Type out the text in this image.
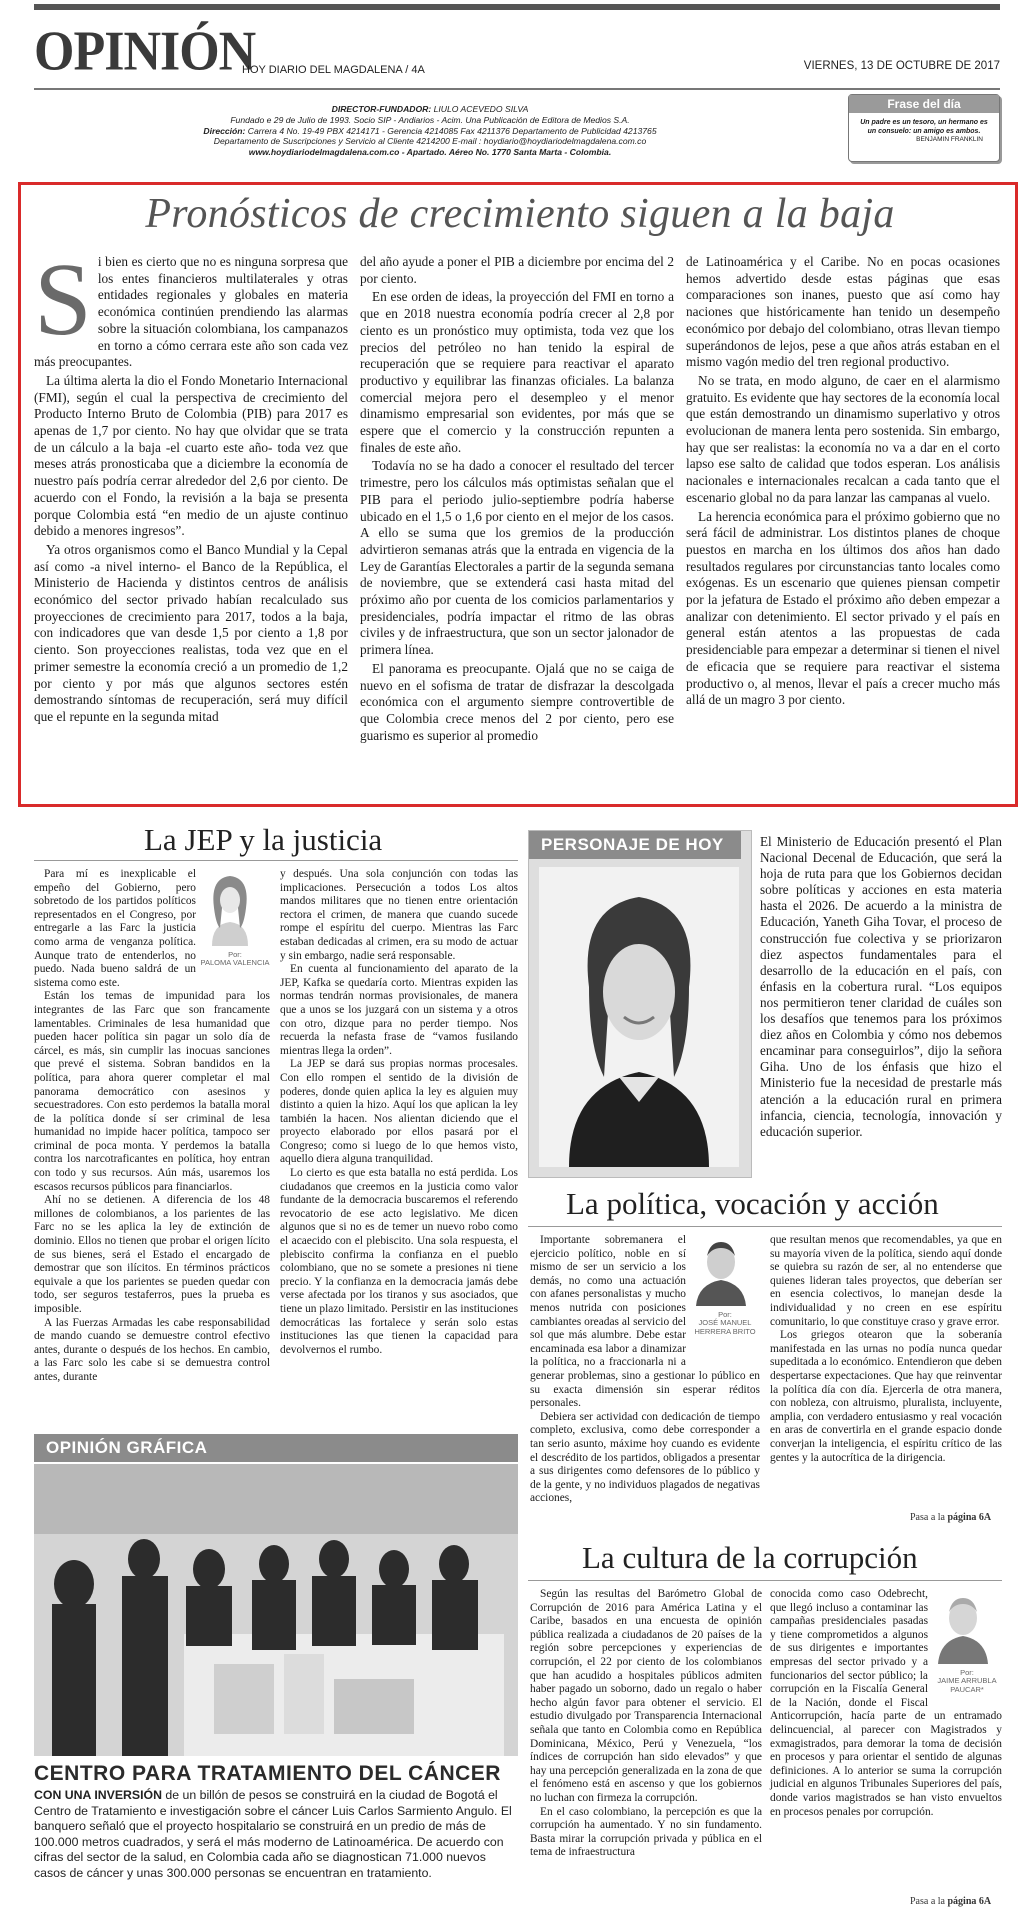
OPINIÓN
HOY DIARIO DEL MAGDALENA / 4A	VIERNES, 13 DE OCTUBRE DE 2017
DIRECTOR-FUNDADOR: LIULO ACEVEDO SILVA
Fundado e 29 de Julio de 1993. Socio SIP - Andiarios - Acim. Una Publicación de Editora de Medios S.A.
Dirección: Carrera 4 No. 19-49 PBX 4214171 - Gerencia 4214085 Fax 4211376 Departamento de Publicidad 4213765
Departamento de Suscripciones y Servicio al Cliente 4214200 E-mail : hoydiario@hoydiariodelmagdalena.com.co
www.hoydiariodelmagdalena.com.co - Apartado. Aéreo No. 1770 Santa Marta - Colombia.
Frase del día
Un padre es un tesoro, un hermano es un consuelo: un amigo es ambos.
BENJAMIN FRANKLIN
Pronósticos de crecimiento siguen a la baja
S i bien es cierto que no es ninguna sorpresa que los entes financieros multilaterales y otras entidades regionales y globales en materia económica continúen prendiendo las alarmas sobre la situación colombiana, los campanazos en torno a cómo cerrara este año son cada vez más preocupantes.

La última alerta la dio el Fondo Monetario Internacional (FMI), según el cual la perspectiva de crecimiento del Producto Interno Bruto de Colombia (PIB) para 2017 es apenas de 1,7 por ciento. No hay que olvidar que se trata de un cálculo a la baja -el cuarto este año- toda vez que meses atrás pronosticaba que a diciembre la economía de nuestro país podría cerrar alrededor del 2,6 por ciento. De acuerdo con el Fondo, la revisión a la baja se presenta porque Colombia está “en medio de un ajuste continuo debido a menores ingresos”.

Ya otros organismos como el Banco Mundial y la Cepal así como -a nivel interno- el Banco de la República, el Ministerio de Hacienda y distintos centros de análisis económico del sector privado habían recalculado sus proyecciones de crecimiento para 2017, todos a la baja, con indicadores que van desde 1,5 por ciento a 1,8 por ciento. Son proyecciones realistas, toda vez que en el primer semestre la economía creció a un promedio de 1,2 por ciento y por más que algunos sectores estén demostrando síntomas de recuperación, será muy difícil que el repunte en la segunda mitad

del año ayude a poner el PIB a diciembre por encima del 2 por ciento.

En ese orden de ideas, la proyección del FMI en torno a que en 2018 nuestra economía podría crecer al 2,8 por ciento es un pronóstico muy optimista, toda vez que los precios del petróleo no han tenido la espiral de recuperación que se requiere para reactivar el aparato productivo y equilibrar las finanzas oficiales. La balanza comercial mejora pero el desempleo y el menor dinamismo empresarial son evidentes, por más que se espere que el comercio y la construcción repunten a finales de este año.

Todavía no se ha dado a conocer el resultado del tercer trimestre, pero los cálculos más optimistas señalan que el PIB para el periodo julio-septiembre podría haberse ubicado en el 1,5 o 1,6 por ciento en el mejor de los casos. A ello se suma que los gremios de la producción advirtieron semanas atrás que la entrada en vigencia de la Ley de Garantías Electorales a partir de la segunda semana de noviembre, que se extenderá casi hasta mitad del próximo año por cuenta de los comicios parlamentarios y presidenciales, podría impactar el ritmo de las obras civiles y de infraestructura, que son un sector jalonador de primera línea.

El panorama es preocupante. Ojalá que no se caiga de nuevo en el sofisma de tratar de disfrazar la descolgada económica con el argumento siempre controvertible de que Colombia crece menos del 2 por ciento, pero ese guarismo es superior al promedio

de Latinoamérica y el Caribe. No en pocas ocasiones hemos advertido desde estas páginas que esas comparaciones son inanes, puesto que así como hay naciones que históricamente han tenido un desempeño económico por debajo del colombiano, otras llevan tiempo superándonos de lejos, pese a que años atrás estaban en el mismo vagón medio del tren regional productivo.

No se trata, en modo alguno, de caer en el alarmismo gratuito. Es evidente que hay sectores de la economía local que están demostrando un dinamismo superlativo y otros evolucionan de manera lenta pero sostenida. Sin embargo, hay que ser realistas: la economía no va a dar en el corto lapso ese salto de calidad que todos esperan. Los análisis nacionales e internacionales recalcan a cada tanto que el escenario global no da para lanzar las campanas al vuelo.

La herencia económica para el próximo gobierno que no será fácil de administrar. Los distintos planes de choque puestos en marcha en los últimos dos años han dado resultados regulares por circunstancias tanto locales como exógenas. Es un escenario que quienes piensan competir por la jefatura de Estado el próximo año deben empezar a analizar con detenimiento. El sector privado y el país en general están atentos a las propuestas de cada presidenciable para empezar a determinar si tienen el nivel de eficacia que se requiere para reactivar el sistema productivo o, al menos, llevar el país a crecer mucho más allá de un magro 3 por ciento.

La JEP y la justicia
Por:
PALOMA VALENCIA

Para mí es inexplicable el empeño del Gobierno, pero sobretodo de los partidos políticos representados en el Congreso, por entregarle a las Farc la justicia como arma de venganza política. Aunque trato de entenderlos, no puedo. Nada bueno saldrá de un sistema como este.

Están los temas de impunidad para los integrantes de las Farc que son francamente lamentables. Criminales de lesa humanidad que pueden hacer política sin pagar un solo día de cárcel, es más, sin cumplir las inocuas sanciones que prevé el sistema. Sobran bandidos en la política, para ahora querer completar el mal panorama democrático con asesinos y secuestradores. Con esto perdemos la batalla moral de la política donde sí ser criminal de lesa humanidad no impide hacer política, tampoco ser criminal de poca monta. Y perdemos la batalla contra los narcotraficantes en política, hoy entran con todo y sus recursos. Aún más, usaremos los escasos recursos públicos para financiarlos.

Ahí no se detienen. A diferencia de los 48 millones de colombianos, a los parientes de las Farc no se les aplica la ley de extinción de dominio. Ellos no tienen que probar el origen lícito de sus bienes, será el Estado el encargado de demostrar que son ilícitos. En términos prácticos equivale a que los parientes se pueden quedar con todo, ser seguros testaferros, pues la prueba es imposible.

A las Fuerzas Armadas les cabe responsabilidad de mando cuando se demuestre control efectivo antes, durante o después de los hechos. En cambio, a las Farc solo les cabe si se demuestra control antes, durante

y después. Una sola conjunción con todas las implicaciones. Persecución a todos Los altos mandos militares que no tienen entre orientación rectora el crimen, de manera que cuando sucede rompe el espíritu del cuerpo. Mientras las Farc estaban dedicadas al crimen, era su modo de actuar y sin embargo, nadie será responsable.

En cuenta al funcionamiento del aparato de la JEP, Kafka se quedaría corto. Mientras expiden las normas tendrán normas provisionales, de manera que a unos se los juzgará con un sistema y a otros con otro, dizque para no perder tiempo. Nos recuerda la nefasta frase de “vamos fusilando mientras llega la orden”.

La JEP se dará sus propias normas procesales. Con ello rompen el sentido de la división de poderes, donde quien aplica la ley es alguien muy distinto a quien la hizo. Aquí los que aplican la ley también la hacen. Nos alientan diciendo que el proyecto elaborado por ellos pasará por el Congreso; como si luego de lo que hemos visto, aquello diera alguna tranquilidad.

Lo cierto es que esta batalla no está perdida. Los ciudadanos que creemos en la justicia como valor fundante de la democracia buscaremos el referendo revocatorio de ese acto legislativo. Me dicen algunos que si no es de temer un nuevo robo como el acaecido con el plebiscito. Una sola respuesta, el plebiscito confirma la confianza en el pueblo colombiano, que no se somete a presiones ni tiene precio. Y la confianza en la democracia jamás debe verse afectada por los tiranos y sus asociados, que tiene un plazo limitado. Persistir en las instituciones democráticas las fortalece y serán solo estas instituciones las que tienen la capacidad para devolvernos el rumbo.

PERSONAJE DE HOY	El Ministerio de Educación presentó el Plan Nacional Decenal de Educación, que será la hoja de ruta para que los Gobiernos decidan sobre políticas y acciones en esta materia hasta el 2026. De acuerdo a la ministra de Educación, Yaneth Giha Tovar, el proceso de construcción fue colectiva y se priorizaron diez aspectos fundamentales para el desarrollo de la educación en el país, con énfasis en la cobertura rural. “Los equipos nos permitieron tener claridad de cuáles son los desafíos que tenemos para los próximos diez años en Colombia y cómo nos debemos encaminar para conseguirlos”, dijo la señora Giha. Uno de los énfasis que hizo el Ministerio fue la necesidad de prestarle más atención a la educación rural en primera infancia, ciencia, tecnología, innovación y educación superior.
La política, vocación y acción
Por:
JOSÉ MANUEL HERRERA BRITO

Importante sobremanera el ejercicio político, noble en sí mismo de ser un servicio a los demás, no como una actuación con afanes personalistas y mucho menos nutrida con posiciones cambiantes oreadas al servicio del sol que más alumbre. Debe estar encaminada esa labor a dinamizar la política, no a fraccionarla ni a generar problemas, sino a gestionar lo público en su exacta dimensión sin esperar réditos personales.

Debiera ser actividad con dedicación de tiempo completo, exclusiva, como debe corresponder a tan serio asunto, máxime hoy cuando es evidente el descrédito de los partidos, obligados a presentar a sus dirigentes como defensores de lo público y de la gente, y no individuos plagados de negativas acciones,

que resultan menos que recomendables, ya que en su mayoría viven de la política, siendo aquí donde se quiebra su razón de ser, al no entenderse que quienes lideran tales proyectos, que deberían ser en esencia colectivos, lo manejan desde la individualidad y no creen en ese espíritu comunitario, lo que constituye craso y grave error.

Los griegos otearon que la soberanía manifestada en las urnas no podía nunca quedar supeditada a lo económico. Entendieron que deben despertarse expectaciones. Que hay que reinventar la política día con día. Ejercerla de otra manera, con nobleza, con altruismo, pluralista, incluyente, amplia, con verdadero entusiasmo y real vocación en aras de convertirla en el grande espacio donde converjan la inteligencia, el espíritu crítico de las gentes y la autocrítica de la dirigencia.

Pasa a la página 6A
OPINIÓN GRÁFICA
CENTRO PARA TRATAMIENTO DEL CÁNCER
CON UNA INVERSIÓN de un billón de pesos se construirá en la ciudad de Bogotá el Centro de Tratamiento e investigación sobre el cáncer Luis Carlos Sarmiento Angulo. El banquero señaló que el proyecto hospitalario se construirá en un predio de más de 100.000 metros cuadrados, y será el más moderno de Latinoamérica. De acuerdo con cifras del sector de la salud, en Colombia cada año se diagnostican 71.000 nuevos casos de cáncer y unas 300.000 personas se encuentran en tratamiento.
La cultura de la corrupción

Según las resultas del Barómetro Global de Corrupción de 2016 para América Latina y el Caribe, basados en una encuesta de opinión pública realizada a ciudadanos de 20 países de la región sobre percepciones y experiencias de corrupción, el 22 por ciento de los colombianos que han acudido a hospitales públicos admiten haber pagado un soborno, dado un regalo o haber hecho algún favor para obtener el servicio. El estudio divulgado por Transparencia Internacional señala que tanto en Colombia como en República Dominicana, México, Perú y Venezuela, “los índices de corrupción han sido elevados” y que hay una percepción generalizada en la zona de que el fenómeno está en ascenso y que los gobiernos no luchan con firmeza la corrupción.

En el caso colombiano, la percepción es que la corrupción ha aumentado. Y no sin fundamento. Basta mirar la corrupción privada y pública en el tema de infraestructura

Por:
JAIME ARRUBLA PAUCAR*

conocida como caso Odebrecht, que llegó incluso a contaminar las campañas presidenciales pasadas y tiene comprometidos a algunos de sus dirigentes e importantes empresas del sector privado y a funcionarios del sector público; la corrupción en la Fiscalía General de la Nación, donde el Fiscal Anticorrupción, hacía parte de un entramado delincuencial, al parecer con Magistrados y exmagistrados, para demorar la toma de decisión en procesos y para orientar el sentido de algunas definiciones. A lo anterior se suma la corrupción judicial en algunos Tribunales Superiores del país, donde varios magistrados se han visto envueltos en procesos penales por corrupción.

Pasa a la página 6A
